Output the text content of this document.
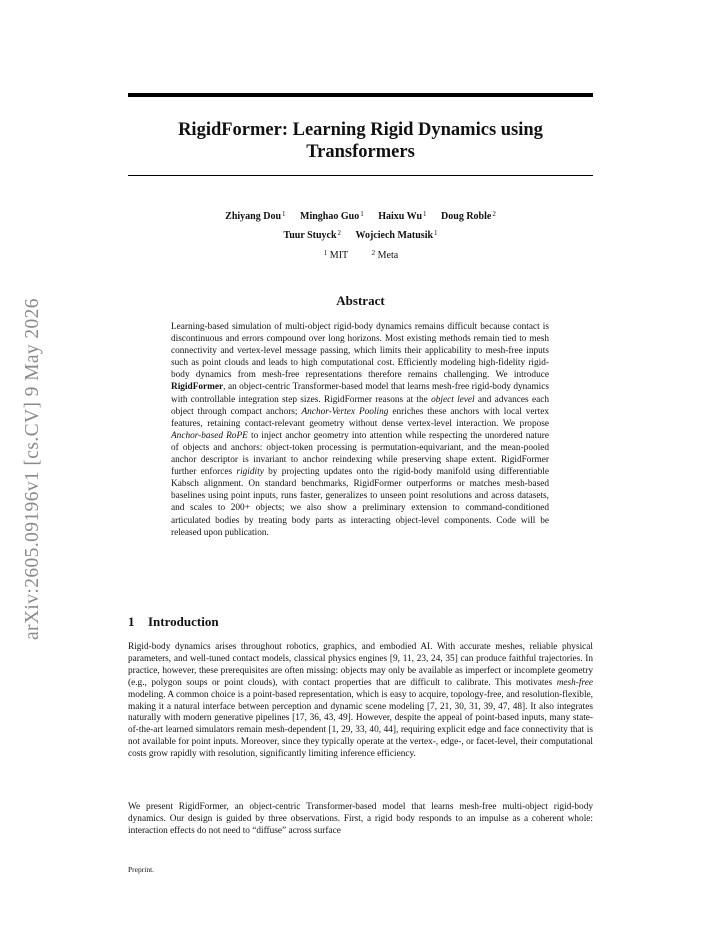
arXiv:2605.09196v1 [cs.CV] 9 May 2026
RigidFormer: Learning Rigid Dynamics using Transformers
Zhiyang Dou$^1$ Minghao Guo$^1$ Haixu Wu$^1$ Doug Roble$^2$
Tuur Stuyck$^2$ Wojciech Matusik$^1$
$^1$ MIT	$^2$ Meta
Abstract
Learning-based simulation of multi-object rigid-body dynamics remains difficult because contact is discontinuous and errors compound over long horizons. Most existing methods remain tied to mesh connectivity and vertex-level message passing, which limits their applicability to mesh-free inputs such as point clouds and leads to high computational cost. Efficiently modeling high-fidelity rigid-body dynamics from mesh-free representations therefore remains challenging. We introduce RigidFormer, an object-centric Transformer-based model that learns mesh-free rigid-body dynamics with controllable integration step sizes. RigidFormer reasons at the object level and advances each object through compact anchors; Anchor-Vertex Pooling enriches these anchors with local vertex features, retaining contact-relevant geometry without dense vertex-level interaction. We propose Anchor-based RoPE to inject anchor geometry into attention while respecting the unordered nature of objects and anchors: object-token processing is permutation-equivariant, and the mean-pooled anchor descriptor is invariant to anchor reindexing while preserving shape extent. RigidFormer further enforces rigidity by projecting updates onto the rigid-body manifold using differentiable Kabsch alignment. On standard benchmarks, RigidFormer outperforms or matches mesh-based baselines using point inputs, runs faster, generalizes to unseen point resolutions and across datasets, and scales to 200+ objects; we also show a preliminary extension to command-conditioned articulated bodies by treating body parts as interacting object-level components. Code will be released upon publication.
1 Introduction
Rigid-body dynamics arises throughout robotics, graphics, and embodied AI. With accurate meshes, reliable physical parameters, and well-tuned contact models, classical physics engines [9, 11, 23, 24, 35] can produce faithful trajectories. In practice, however, these prerequisites are often missing: objects may only be available as imperfect or incomplete geometry (e.g., polygon soups or point clouds), with contact properties that are difficult to calibrate. This motivates mesh-free modeling. A common choice is a point-based representation, which is easy to acquire, topology-free, and resolution-flexible, making it a natural interface between perception and dynamic scene modeling [7, 21, 30, 31, 39, 47, 48]. It also integrates naturally with modern generative pipelines [17, 36, 43, 49]. However, despite the appeal of point-based inputs, many state-of-the-art learned simulators remain mesh-dependent [1, 29, 33, 40, 44], requiring explicit edge and face connectivity that is not available for point inputs. Moreover, since they typically operate at the vertex-, edge-, or facet-level, their computational costs grow rapidly with resolution, significantly limiting inference efficiency.
We present RigidFormer, an object-centric Transformer-based model that learns mesh-free multi-object rigid-body dynamics. Our design is guided by three observations. First, a rigid body responds to an impulse as a coherent whole: interaction effects do not need to “diffuse” across surface
Preprint.
